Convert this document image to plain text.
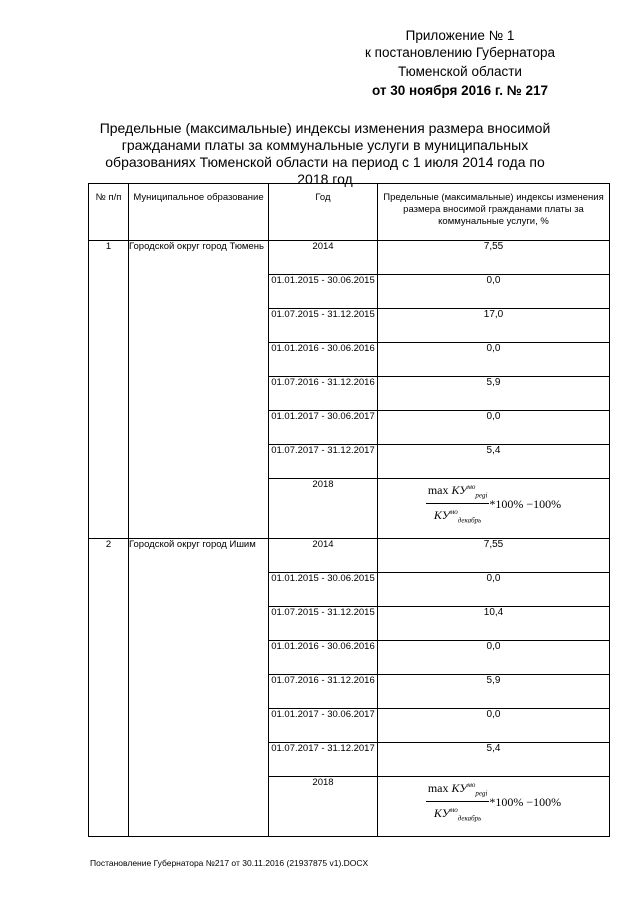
Приложение № 1
к постановлению Губернатора
Тюменской области
от 30 ноября 2016 г. № 217
Предельные (максимальные) индексы изменения размера вносимой гражданами платы за коммунальные услуги в муниципальных образованиях Тюменской области на период с 1 июля 2014 года по 2018 год
№ п/п	Муниципальное образование	Год	Предельные (максимальные) индексы изменения размера вносимой гражданами платы за коммунальные услуги, %
1	Городской округ город Тюмень	2014	7,55
		01.01.2015 - 30.06.2015	0,0
		01.07.2015 - 31.12.2015	17,0
		01.01.2016 - 30.06.2016	0,0
		01.07.2016 - 31.12.2016	5,9
		01.01.2017 - 30.06.2017	0,0
		01.07.2017 - 31.12.2017	5,4
		2018	$\frac{\max КУ^{мо}_{pegi}}{КУ^{мо}_{декабрь}} *100\% -100\%$
2	Городской округ город Ишим	2014	7,55
		01.01.2015 - 30.06.2015	0,0
		01.07.2015 - 31.12.2015	10,4
		01.01.2016 - 30.06.2016	0,0
		01.07.2016 - 31.12.2016	5,9
		01.01.2017 - 30.06.2017	0,0
		01.07.2017 - 31.12.2017	5,4
		2018	$\frac{\max КУ^{мо}_{pegi}}{КУ^{мо}_{декабрь}} *100\% -100\%$
Постановление Губернатора №217 от 30.11.2016 (21937875 v1).DOCX
